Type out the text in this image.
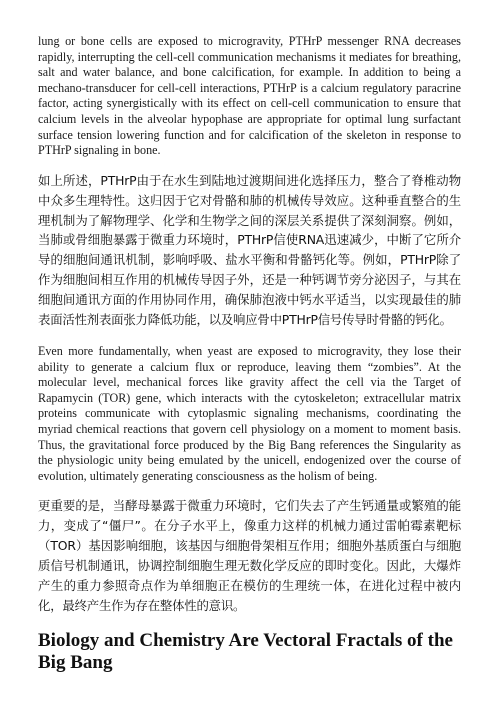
lung or bone cells are exposed to microgravity, PTHrP messenger RNA decreases rapidly, interrupting the cell-cell communication mechanisms it mediates for breathing, salt and water balance, and bone calcification, for example. In addition to being a mechano-transducer for cell-cell interactions, PTHrP is a calcium regulatory paracrine factor, acting synergistically with its effect on cell-cell communication to ensure that calcium levels in the alveolar hypophase are appropriate for optimal lung surfactant surface tension lowering function and for calcification of the skeleton in response to PTHrP signaling in bone.

如上所述，PTHrP由于在水生到陆地过渡期间进化选择压力，整合了脊椎动物中众多生理特性。这归因于它对骨骼和肺的机械传导效应。这种垂直整合的生理机制为了解物理学、化学和生物学之间的深层关系提供了深刻洞察。例如，当肺或骨细胞暴露于微重力环境时，PTHrP信使RNA迅速减少，中断了它所介导的细胞间通讯机制，影响呼吸、盐水平衡和骨骼钙化等。例如，PTHrP除了作为细胞间相互作用的机械传导因子外，还是一种钙调节旁分泌因子，与其在细胞间通讯方面的作用协同作用，确保肺泡液中钙水平适当，以实现最佳的肺表面活性剂表面张力降低功能，以及响应骨中PTHrP信号传导时骨骼的钙化。

Even more fundamentally, when yeast are exposed to microgravity, they lose their ability to generate a calcium flux or reproduce, leaving them “zombies”. At the molecular level, mechanical forces like gravity affect the cell via the Target of Rapamycin (TOR) gene, which interacts with the cytoskeleton; extracellular matrix proteins communicate with cytoplasmic signaling mechanisms, coordinating the myriad chemical reactions that govern cell physiology on a moment to moment basis. Thus, the gravitational force produced by the Big Bang references the Singularity as the physiologic unity being emulated by the unicell, endogenized over the course of evolution, ultimately generating consciousness as the holism of being.

更重要的是，当酵母暴露于微重力环境时，它们失去了产生钙通量或繁殖的能力，变成了“僵尸”。在分子水平上，像重力这样的机械力通过雷帕霉素靶标（TOR）基因影响细胞，该基因与细胞骨架相互作用；细胞外基质蛋白与细胞质信号机制通讯，协调控制细胞生理无数化学反应的即时变化。因此，大爆炸产生的重力参照奇点作为单细胞正在模仿的生理统一体，在进化过程中被内化，最终产生作为存在整体性的意识。

Biology and Chemistry Are Vectoral Fractals of the Big Bang
